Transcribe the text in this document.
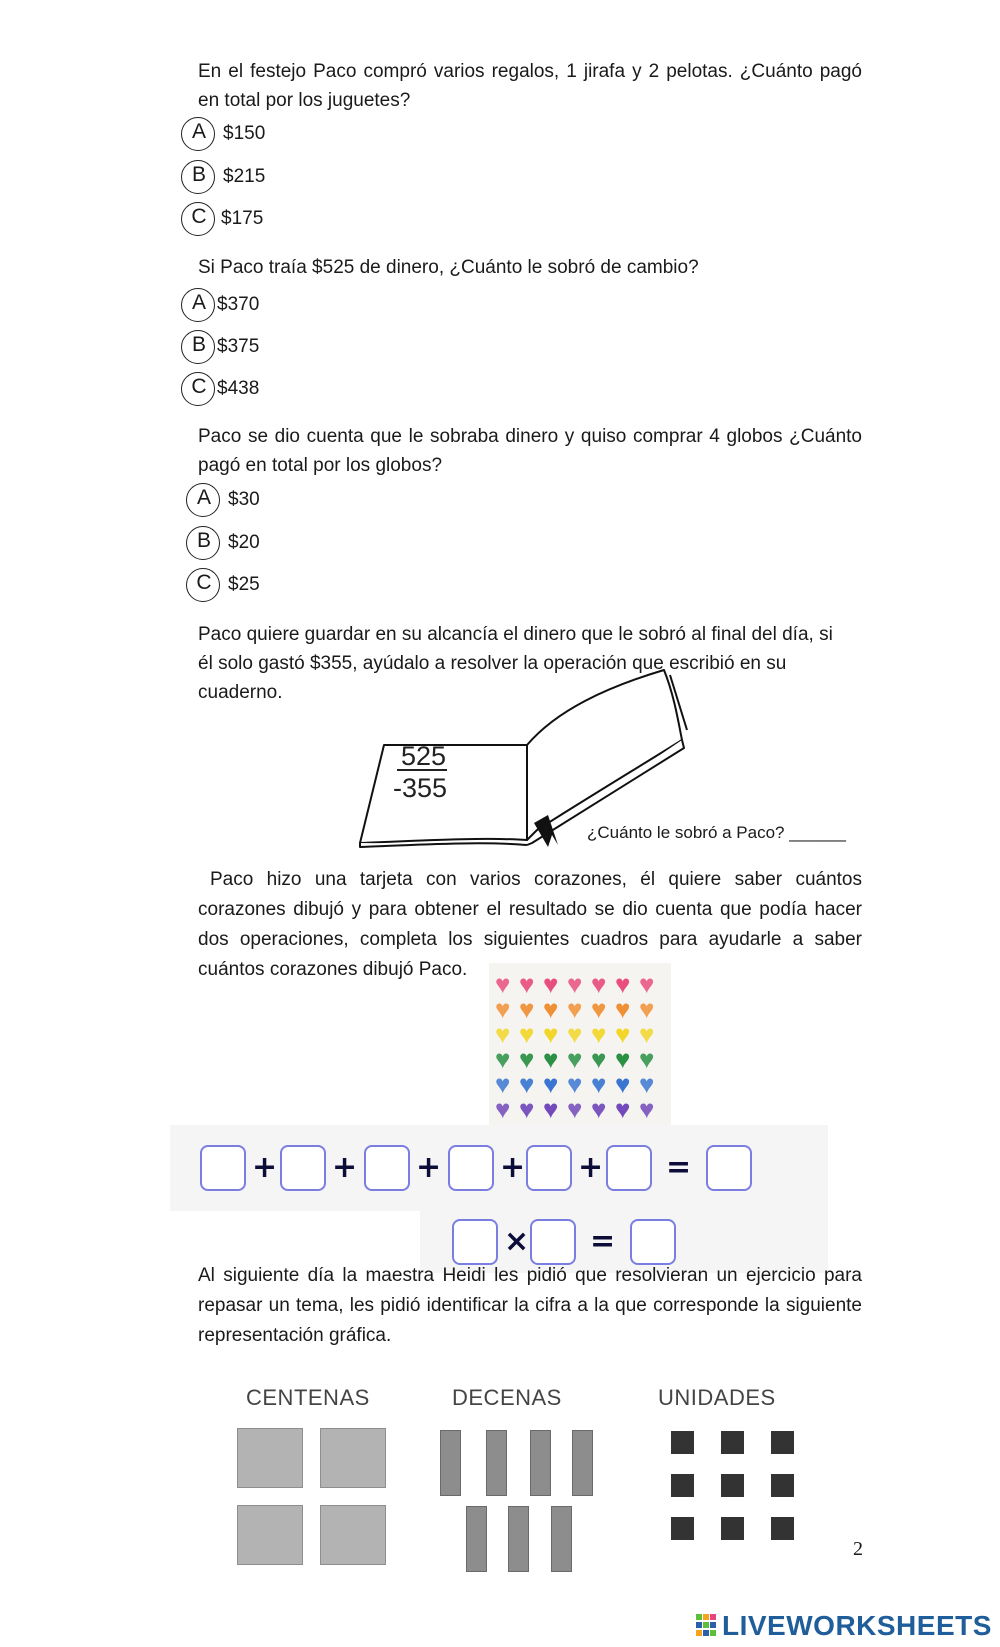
En el festejo Paco compró varios regalos, 1 jirafa y 2 pelotas. ¿Cuánto pagó en total por los juguetes?
A $150
B $215
C $175
Si Paco traía $525 de dinero, ¿Cuánto le sobró de cambio?
A $370
B $375
C $438
Paco se dio cuenta que le sobraba dinero y quiso comprar 4 globos ¿Cuánto pagó en total por los globos?
A $30
B $20
C $25
Paco quiere guardar en su alcancía el dinero que le sobró al final del día, si él solo gastó $355, ayúdalo a resolver la operación que escribió en su cuaderno.
525
-355
¿Cuánto le sobró a Paco? ______
Paco hizo una tarjeta con varios corazones, él quiere saber cuántos corazones dibujó y para obtener el resultado se dio cuenta que podía hacer dos operaciones, completa los siguientes cuadros para ayudarle a saber cuántos corazones dibujó Paco.	♥ ♥ ♥ ♥ ♥ ♥ ♥
♥ ♥ ♥ ♥ ♥ ♥ ♥
♥ ♥ ♥ ♥ ♥ ♥ ♥
♥ ♥ ♥ ♥ ♥ ♥ ♥
♥ ♥ ♥ ♥ ♥ ♥ ♥
♥ ♥ ♥ ♥ ♥ ♥ ♥
+ + + + + =
× =
Al siguiente día la maestra Heidi les pidió que resolvieran un ejercicio para repasar un tema, les pidió identificar la cifra a la que corresponde la siguiente representación gráfica.
CENTENAS	DECENAS	UNIDADES
2
LIVEWORKSHEETS
